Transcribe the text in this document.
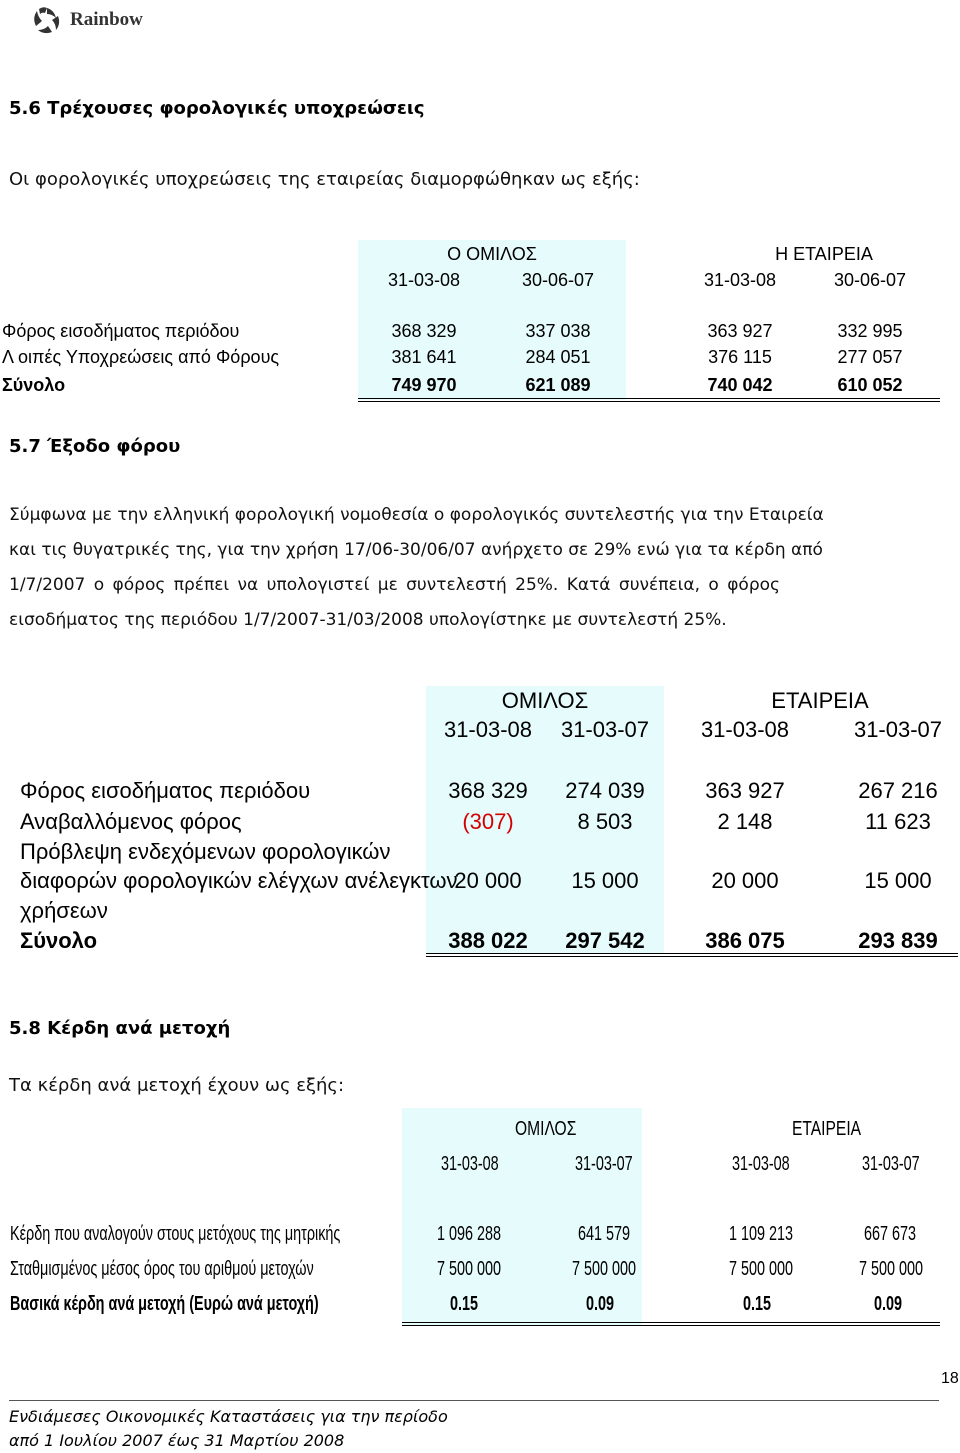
Rainbow
5.6 Τρέχουσες φορολογικές υποχρεώσεις
Οι φορολογικές υποχρεώσεις της εταιρείας διαμορφώθηκαν ως εξής:
Ο ΟΜΙΛΟΣ	Η ΕΤΑΙΡΕΙΑ
31-03-08	30-06-07	31-03-08	30-06-07
Φόρος εισοδήματος περιόδου	368 329	337 038	363 927	332 995
Λ οιπές Υποχρεώσεις από Φόρους	381 641	284 051	376 115	277 057
Σύνολο	749 970	621 089	740 042	610 052
5.7 Έξοδο φόρου
Σύμφωνα με την ελληνική φορολογική νομοθεσία ο φορολογικός συντελεστής για την Εταιρεία
και τις θυγατρικές της, για την χρήση 17/06-30/06/07 ανήρχετο σε 29% ενώ για τα κέρδη από
1/7/2007 ο φόρος πρέπει να υπολογιστεί με συντελεστή 25%. Κατά συνέπεια, ο φόρος
εισοδήματος της περιόδου 1/7/2007-31/03/2008 υπολογίστηκε με συντελεστή 25%.
ΟΜΙΛΟΣ	ΕΤΑΙΡΕΙΑ
31-03-08	31-03-07	31-03-08	31-03-07
Φόρος εισοδήματος περιόδου	368 329	274 039	363 927	267 216
Αναβαλλόμενος φόρος	(307)	8 503	2 148	11 623
Πρόβλεψη ενδεχόμενων φορολογικών
διαφορών φορολογικών ελέγχων ανέλεγκτων
χρήσεων
20 000	15 000	20 000	15 000
Σύνολο	388 022	297 542	386 075	293 839
5.8 Κέρδη ανά μετοχή
Τα κέρδη ανά μετοχή έχουν ως εξής:
ΟΜΙΛΟΣ	ΕΤΑΙΡΕΙΑ
31-03-08	31-03-07	31-03-08	31-03-07
Κέρδη που αναλογούν στους μετόχους της μητρικής	1 096 288	641 579	1 109 213	667 673
Σταθμισμένος μέσος όρος του αριθμού μετοχών	7 500 000	7 500 000	7 500 000	7 500 000
Βασικά κέρδη ανά μετοχή (Ευρώ ανά μετοχή)	0.15	0.09	0.15	0.09
18
Ενδιάμεσες Οικονομικές Καταστάσεις για την περίοδο
από 1 Ιουλίου 2007 έως 31 Μαρτίου 2008
